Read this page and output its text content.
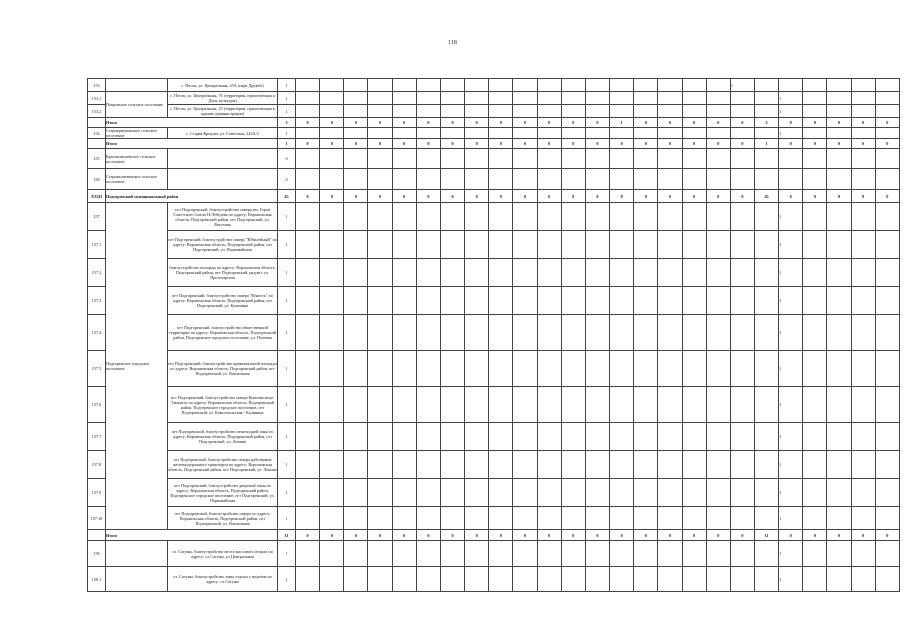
118
153		с. Песок, ул. Центральная, 25А (парк Дружба)	1																			1						
153.1	Покровское сельское поселение	с. Песок, ул. Центральная, 76 (территория, прилегающая к Дому культуры)	1																					1				
153.2		с. Песок, ул. Центральная, 23 (территория, прилегающая к зданию администрации)	1																					1				
	Итого		3	0	0	0	0	0	0	0	0	0	0	0	0	0	1	0	0	0	0	0	2	0	0	0	0	0
154	Старокриушанское сельское поселение	с. Старая Криуша, ул. Советская, 243А/2	1																					1				
	Итого		1	0	0	0	0	0	0	0	0	0	0	0	0	0	0	0	0	0	0	0	1	0	0	0	0	0
155	Краснолипьевское сельское поселение		0																									
156	Старокалитвенское сельское поселение		0																									
XXIII	Подгоренский муниципальный район		45	0	0	0	0	0	0	0	0	0	0	0	0	0	0	0	0	0	0	0	45	0	0	0	0	0
157	Подгоренское городское поселение	пгт Подгоренский, благоустройство сквера им. Героя Советского Союза Н.Лебедева по адресу: Воронежская область, Подгоренский район, пгт Подгоренский, ул. Ватутина	1																					1				
157.1		пгт Подгоренский, благоустройство сквера "Юбилейный" по адресу: Воронежская область, Подгоренский район, пгт Подгоренский, ул. Первомайская	1																					1				
157.2		благоустройство площади по адресу: Воронежская область, Подгоренский район, пгт Подгоренский, рядом с ул. Пролетарская	1																					1				
157.3		пгт Подгоренский, благоустройство сквера "Юность" по адресу: Воронежская область, Подгоренский район, пгт Подгоренский, ул. Калинина	1																					1				
157.4		пгт Подгоренский, благоустройство общественной территории по адресу: Воронежская область, Подгоренский район, Подгоренское городское поселение, ул. Полевая	1																					1				
157.5		пгт Подгоренский, благоустройство привокзальной площади по адресу: Воронежская область, Подгоренский район, пгт Подгоренский, ул. Вокзальная	1																					1				
157.6		пгт Подгоренский, благоустройство сквера Комсомольца-Танкиста по адресу: Воронежская область, Подгоренский район, Подгоренское городское поселение, пгт Подгоренский, ул. Комсомольская - Калинина	1																					1				
157.7		пгт Подгоренский, благоустройство пешеходной зоны по адресу: Воронежская область, Подгоренский район, пгт Подгоренский, ул. Ленина	1																					1				
157.8		пгт Подгоренский, благоустройство сквера работников железнодорожного транспорта по адресу: Воронежская область, Подгоренский район, пгт Подгоренский, ул. Ленина	1																					1				
157.9		пгт Подгоренский, благоустройство дворовой зоны по адресу: Воронежская область, Подгоренский район, Подгоренское городское поселение, пгт Подгоренский, ул. Первомайская	1																					1				
157.10		пгт Подгоренский, благоустройство сквера по адресу: Воронежская область, Подгоренский район, пгт Подгоренский, ул. Вокзальная	1																					1				
	Итого		11	0	0	0	0	0	0	0	0	0	0	0	0	0	0	0	0	0	0	0	11	0	0	0	0	0
158		сл. Сагуны, благоустройство места массового отдыха по адресу: сл.Сагуны, ул.Центральная	1																					1				
158.1		сл. Сагуны, благоустройство зоны отдыха у водоёма по адресу: сл.Сагуны	1																					1				
